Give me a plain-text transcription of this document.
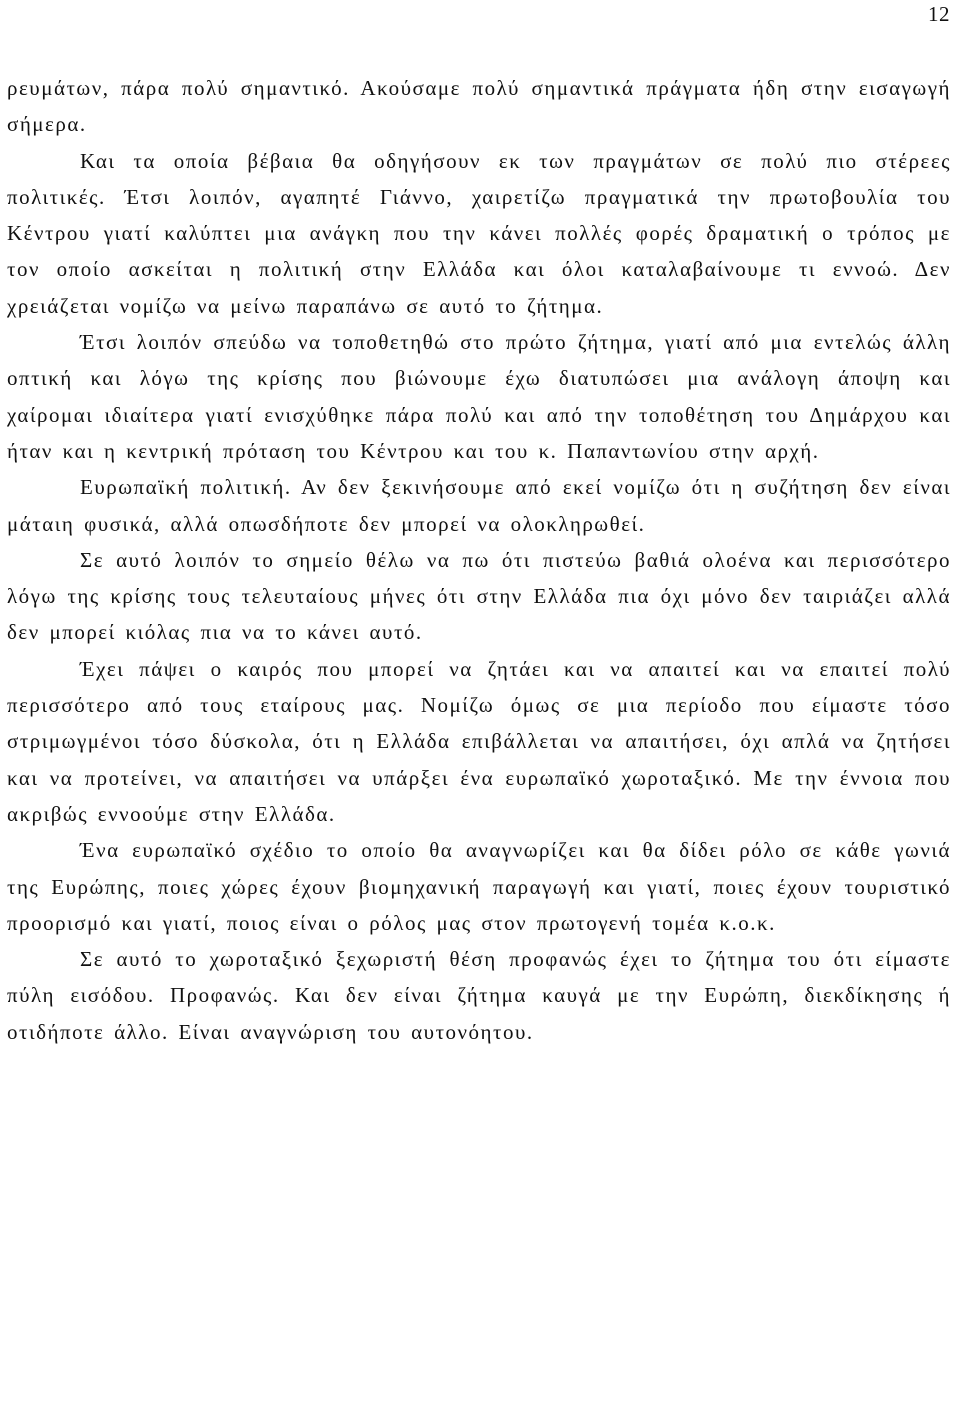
12

ρευμάτων, πάρα πολύ σημαντικό. Ακούσαμε πολύ σημαντικά πράγματα ήδη στην εισαγωγή σήμερα.

Και τα οποία βέβαια θα οδηγήσουν εκ των πραγμάτων σε πολύ πιο στέρεες πολιτικές. Έτσι λοιπόν, αγαπητέ Γιάννο, χαιρετίζω πραγματικά την πρωτοβουλία του Κέντρου γιατί καλύπτει μια ανάγκη που την κάνει πολλές φορές δραματική ο τρόπος με τον οποίο ασκείται η πολιτική στην Ελλάδα και όλοι καταλαβαίνουμε τι εννοώ. Δεν χρειάζεται νομίζω να μείνω παραπάνω σε αυτό το ζήτημα.

Έτσι λοιπόν σπεύδω να τοποθετηθώ στο πρώτο ζήτημα, γιατί από μια εντελώς άλλη οπτική και λόγω της κρίσης που βιώνουμε έχω διατυπώσει μια ανάλογη άποψη και χαίρομαι ιδιαίτερα γιατί ενισχύθηκε πάρα πολύ και από την τοποθέτηση του Δημάρχου και ήταν και η κεντρική πρόταση του Κέντρου και του κ. Παπαντωνίου στην αρχή.

Ευρωπαϊκή πολιτική. Αν δεν ξεκινήσουμε από εκεί νομίζω ότι η συζήτηση δεν είναι μάταιη φυσικά, αλλά οπωσδήποτε δεν μπορεί να ολοκληρωθεί.

Σε αυτό λοιπόν το σημείο θέλω να πω ότι πιστεύω βαθιά ολοένα και περισσότερο λόγω της κρίσης τους τελευταίους μήνες ότι στην Ελλάδα πια όχι μόνο δεν ταιριάζει αλλά δεν μπορεί κιόλας πια να το κάνει αυτό.

Έχει πάψει ο καιρός που μπορεί να ζητάει και να απαιτεί και να επαιτεί πολύ περισσότερο από τους εταίρους μας. Νομίζω όμως σε μια περίοδο που είμαστε τόσο στριμωγμένοι τόσο δύσκολα, ότι η Ελλάδα επιβάλλεται να απαιτήσει, όχι απλά να ζητήσει και να προτείνει, να απαιτήσει να υπάρξει ένα ευρωπαϊκό χωροταξικό. Με την έννοια που ακριβώς εννοούμε στην Ελλάδα.

Ένα ευρωπαϊκό σχέδιο το οποίο θα αναγνωρίζει και θα δίδει ρόλο σε κάθε γωνιά της Ευρώπης, ποιες χώρες έχουν βιομηχανική παραγωγή και γιατί, ποιες έχουν τουριστικό προορισμό και γιατί, ποιος είναι ο ρόλος μας στον πρωτογενή τομέα κ.ο.κ.

Σε αυτό το χωροταξικό ξεχωριστή θέση προφανώς έχει το ζήτημα του ότι είμαστε πύλη εισόδου. Προφανώς. Και δεν είναι ζήτημα καυγά με την Ευρώπη, διεκδίκησης ή οτιδήποτε άλλο. Είναι αναγνώριση του αυτονόητου.
